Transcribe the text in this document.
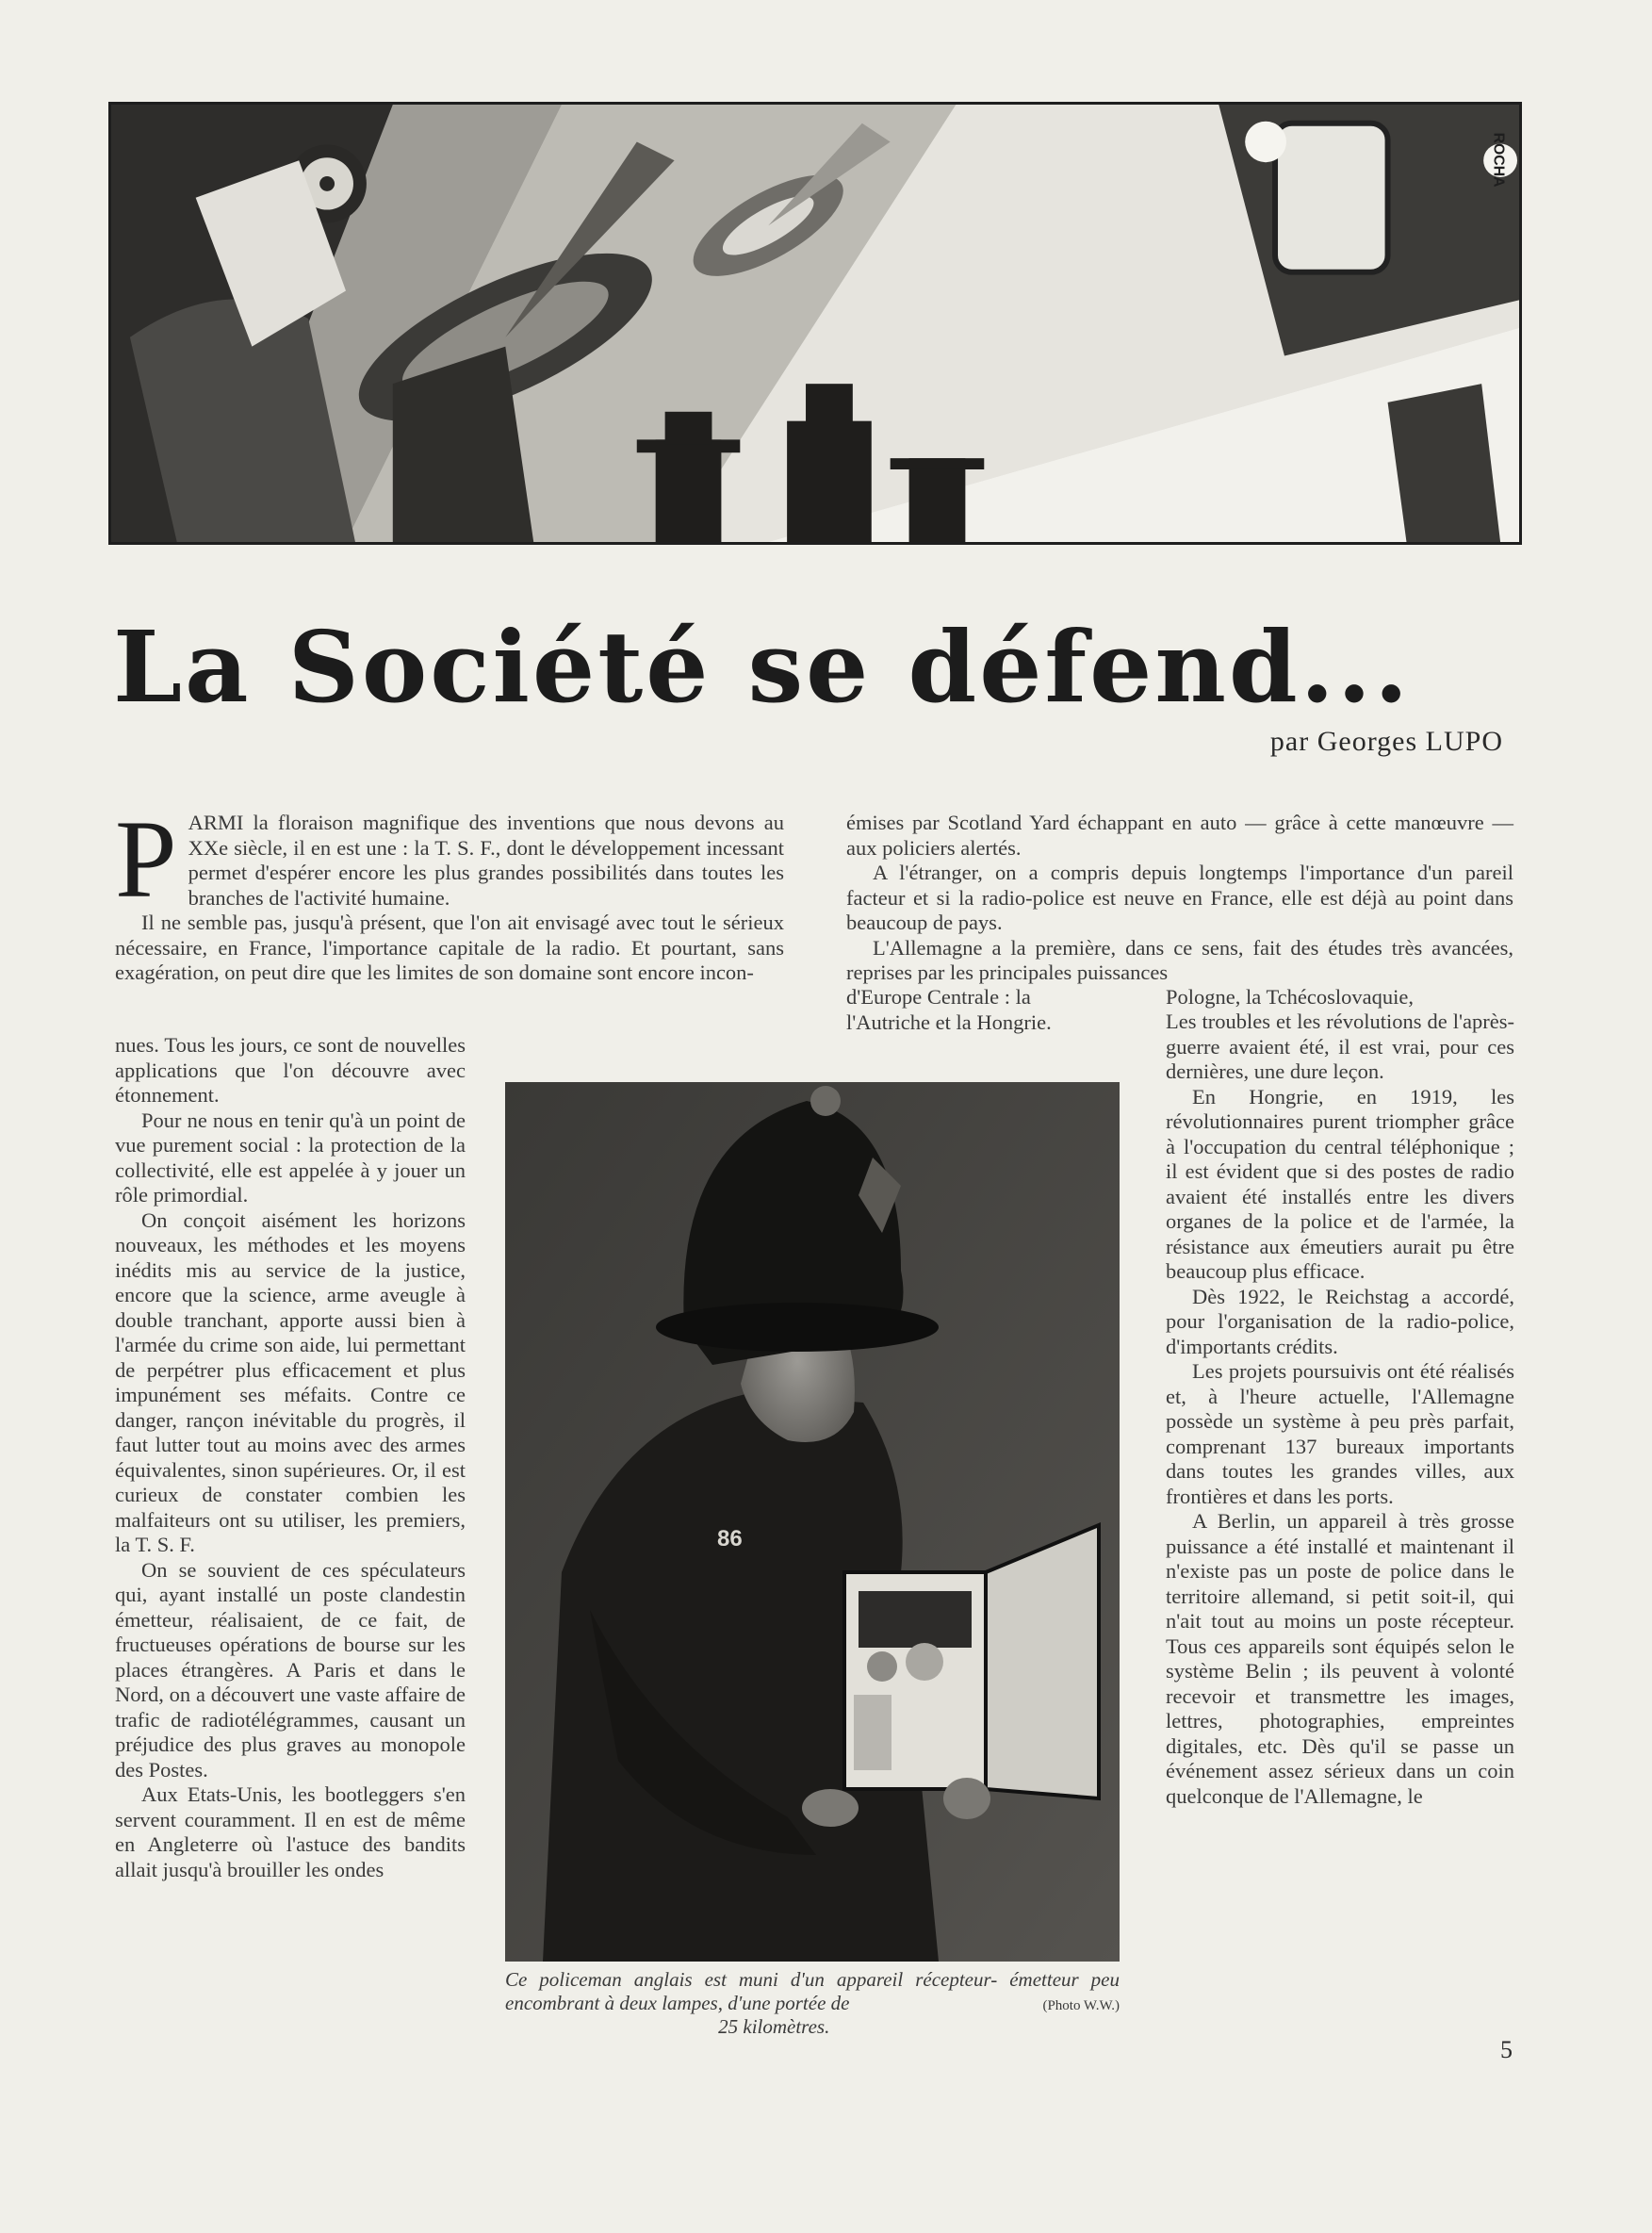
ROCHA
La Société se défend...
par Georges LUPO

PARMI la floraison magnifique des inventions que nous devons au XXe siècle, il en est une : la T. S. F., dont le développement incessant permet d'espérer encore les plus grandes possibilités dans toutes les branches de l'activité humaine.

Il ne semble pas, jusqu'à présent, que l'on ait envisagé avec tout le sérieux nécessaire, en France, l'importance capitale de la radio. Et pourtant, sans exagération, on peut dire que les limites de son domaine sont encore incon-

nues. Tous les jours, ce sont de nouvelles applications que l'on découvre avec étonnement.

Pour ne nous en tenir qu'à un point de vue purement social : la protection de la collectivité, elle est appelée à y jouer un rôle primordial.

On conçoit aisément les horizons nouveaux, les méthodes et les moyens inédits mis au service de la justice, encore que la science, arme aveugle à double tranchant, apporte aussi bien à l'armée du crime son aide, lui permettant de perpétrer plus efficacement et plus impunément ses méfaits. Contre ce danger, rançon inévitable du progrès, il faut lutter tout au moins avec des armes équivalentes, sinon supérieures. Or, il est curieux de constater combien les malfaiteurs ont su utiliser, les premiers, la T. S. F.

On se souvient de ces spéculateurs qui, ayant installé un poste clandestin émetteur, réalisaient, de ce fait, de fructueuses opérations de bourse sur les places étrangères. A Paris et dans le Nord, on a découvert une vaste affaire de trafic de radiotélégrammes, causant un préjudice des plus graves au monopole des Postes.

Aux Etats-Unis, les bootleggers s'en servent couramment. Il en est de même en Angleterre où l'astuce des bandits allait jusqu'à brouiller les ondes

émises par Scotland Yard échappant en auto — grâce à cette manœuvre — aux policiers alertés.

A l'étranger, on a compris depuis longtemps l'importance d'un pareil facteur et si la radio-police est neuve en France, elle est déjà au point dans beaucoup de pays.

L'Allemagne a la première, dans ce sens, fait des études très avancées, reprises par les principales puissances

d'Europe Centrale : la

l'Autriche et la Hongrie.

Pologne, la Tchécoslovaquie,

Les troubles et les révolutions de l'après-guerre avaient été, il est vrai, pour ces dernières, une dure leçon.

En Hongrie, en 1919, les révolutionnaires purent triompher grâce à l'occupation du central téléphonique ; il est évident que si des postes de radio avaient été installés entre les divers organes de la police et de l'armée, la résistance aux émeutiers aurait pu être beaucoup plus efficace.

Dès 1922, le Reichstag a accordé, pour l'organisation de la radio-police, d'importants crédits.

Les projets poursuivis ont été réalisés et, à l'heure actuelle, l'Allemagne possède un système à peu près parfait, comprenant 137 bureaux importants dans toutes les grandes villes, aux frontières et dans les ports.

A Berlin, un appareil à très grosse puissance a été installé et maintenant il n'existe pas un poste de police dans le territoire allemand, si petit soit-il, qui n'ait tout au moins un poste récepteur. Tous ces appareils sont équipés selon le système Belin ; ils peuvent à volonté recevoir et transmettre les images, lettres, photographies, empreintes digitales, etc. Dès qu'il se passe un événement assez sérieux dans un coin quelconque de l'Allemagne, le

86
Ce policeman anglais est muni d'un appareil récepteur- émetteur peu encombrant à deux lampes, d'une portée de	(Photo W.W.)
25 kilomètres.
5
